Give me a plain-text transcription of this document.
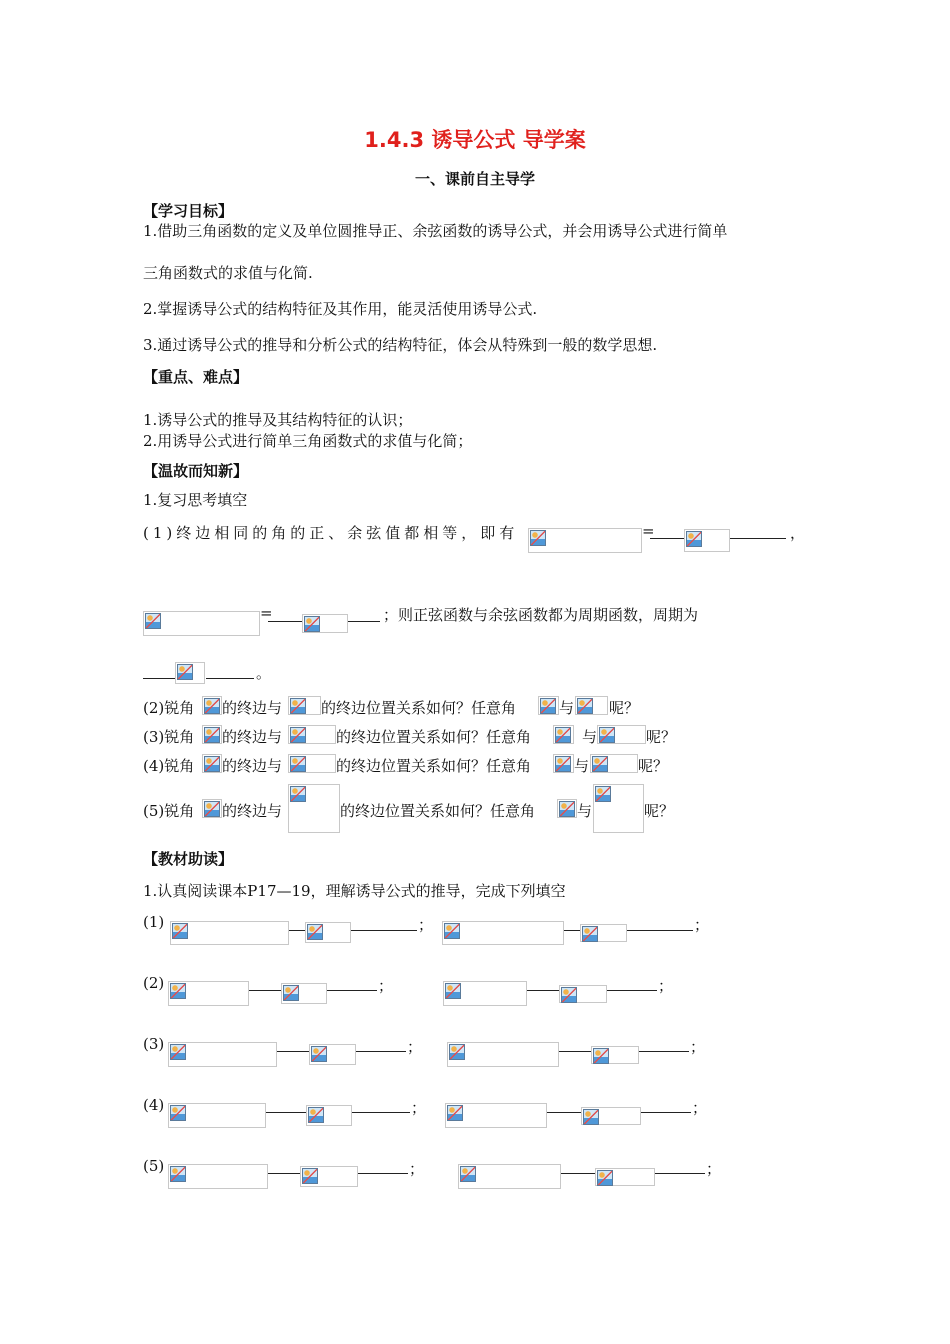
1.4.3 诱导公式 导学案
一、课前自主导学
【学习目标】
1.借助三角函数的定义及单位圆推导正、余弦函数的诱导公式，并会用诱导公式进行简单
三角函数式的求值与化简.
2.掌握诱导公式的结构特征及其作用，能灵活使用诱导公式.
3.通过诱导公式的推导和分析公式的结构特征，体会从特殊到一般的数学思想.
【重点、难点】
1.诱导公式的推导及其结构特征的认识；
2.用诱导公式进行简单三角函数式的求值与化简；
【温故而知新】
1.复习思考填空
(1)终边相同的角的正、余弦值都相等，即有	=	，
=	；则正弦函数与余弦函数都为周期函数，周期为
。
(2)锐角 的终边与	的终边位置关系如何？任意角	与 呢？
(3)锐角 的终边与	的终边位置关系如何？任意角	与	呢？
(4)锐角 的终边与	的终边位置关系如何？任意角	与	呢？
(5)锐角 的终边与	的终边位置关系如何？任意角	与	呢？
【教材助读】
1.认真阅读课本P17—19，理解诱导公式的推导，完成下列填空
(1)	；	；
(2)	；	；
(3)	；	；
(4)	；	；
(5)	；	；
